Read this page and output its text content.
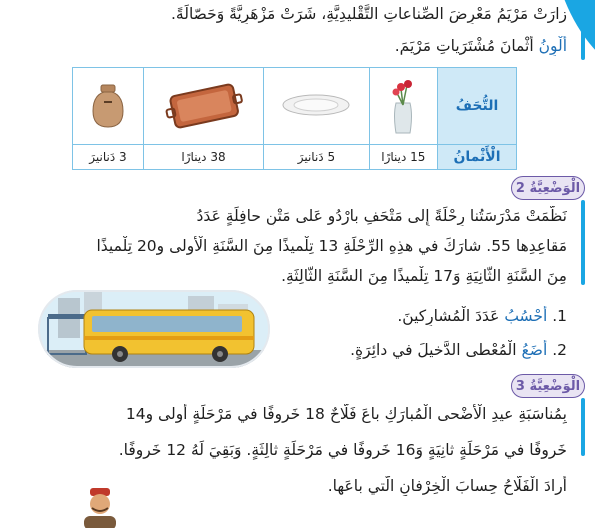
زارَتْ مَرْيَمُ مَعْرِضَ الصِّناعاتِ التَّقْليدِيَّةِ، شَرَتْ مَزْهَرِيَّةً وَحَصّالَةً.
أَلْوِنُ أَثْمانَ مُشْتَرَياتِ مَرْيَمَ.
التُّحَفُ				
الْأَثْمانُ	15 دينارًا	5 دَنانيرَ	38 دينارًا	3 دَنانيرَ
الْوَضْعِيَّةُ 2
نَظَّمَتْ مَدْرَسَتُنا رِحْلَةً إِلى مَتْحَفِ بارْدُو عَلى مَتْنِ حافِلَةٍ عَدَدُ
مَقاعِدِها 55. شارَكَ في هذِهِ الرِّحْلَةِ 13 تِلْميذًا مِنَ السَّنَةِ الْأولى و20 تِلْميذًا
مِنَ السَّنَةِ الثّانِيَةِ وَ17 تِلْميذًا مِنَ السَّنَةِ الثّالِثَةِ.
1. أَحْسُبُ عَدَدَ الْمُشارِكينَ.
2. أَضَعُ الْمُعْطى الدَّخيلَ في دائِرَةٍ.
الْوَضْعِيَّةُ 3
بِمُناسَبَةِ عيدِ الْأَضْحى الْمُبارَكِ باعَ فَلّاحٌ 18 خَروفًا في مَرْحَلَةٍ أولى و14
خَروفًا في مَرْحَلَةٍ ثانِيَةٍ وَ16 خَروفًا في مَرْحَلَةٍ ثالِثَةٍ. وَبَقِيَ لَهُ 12 خَروفًا.
أَرادَ الْفَلّاحُ حِسابَ الْخِرْفانِ الَّتي باعَها.
